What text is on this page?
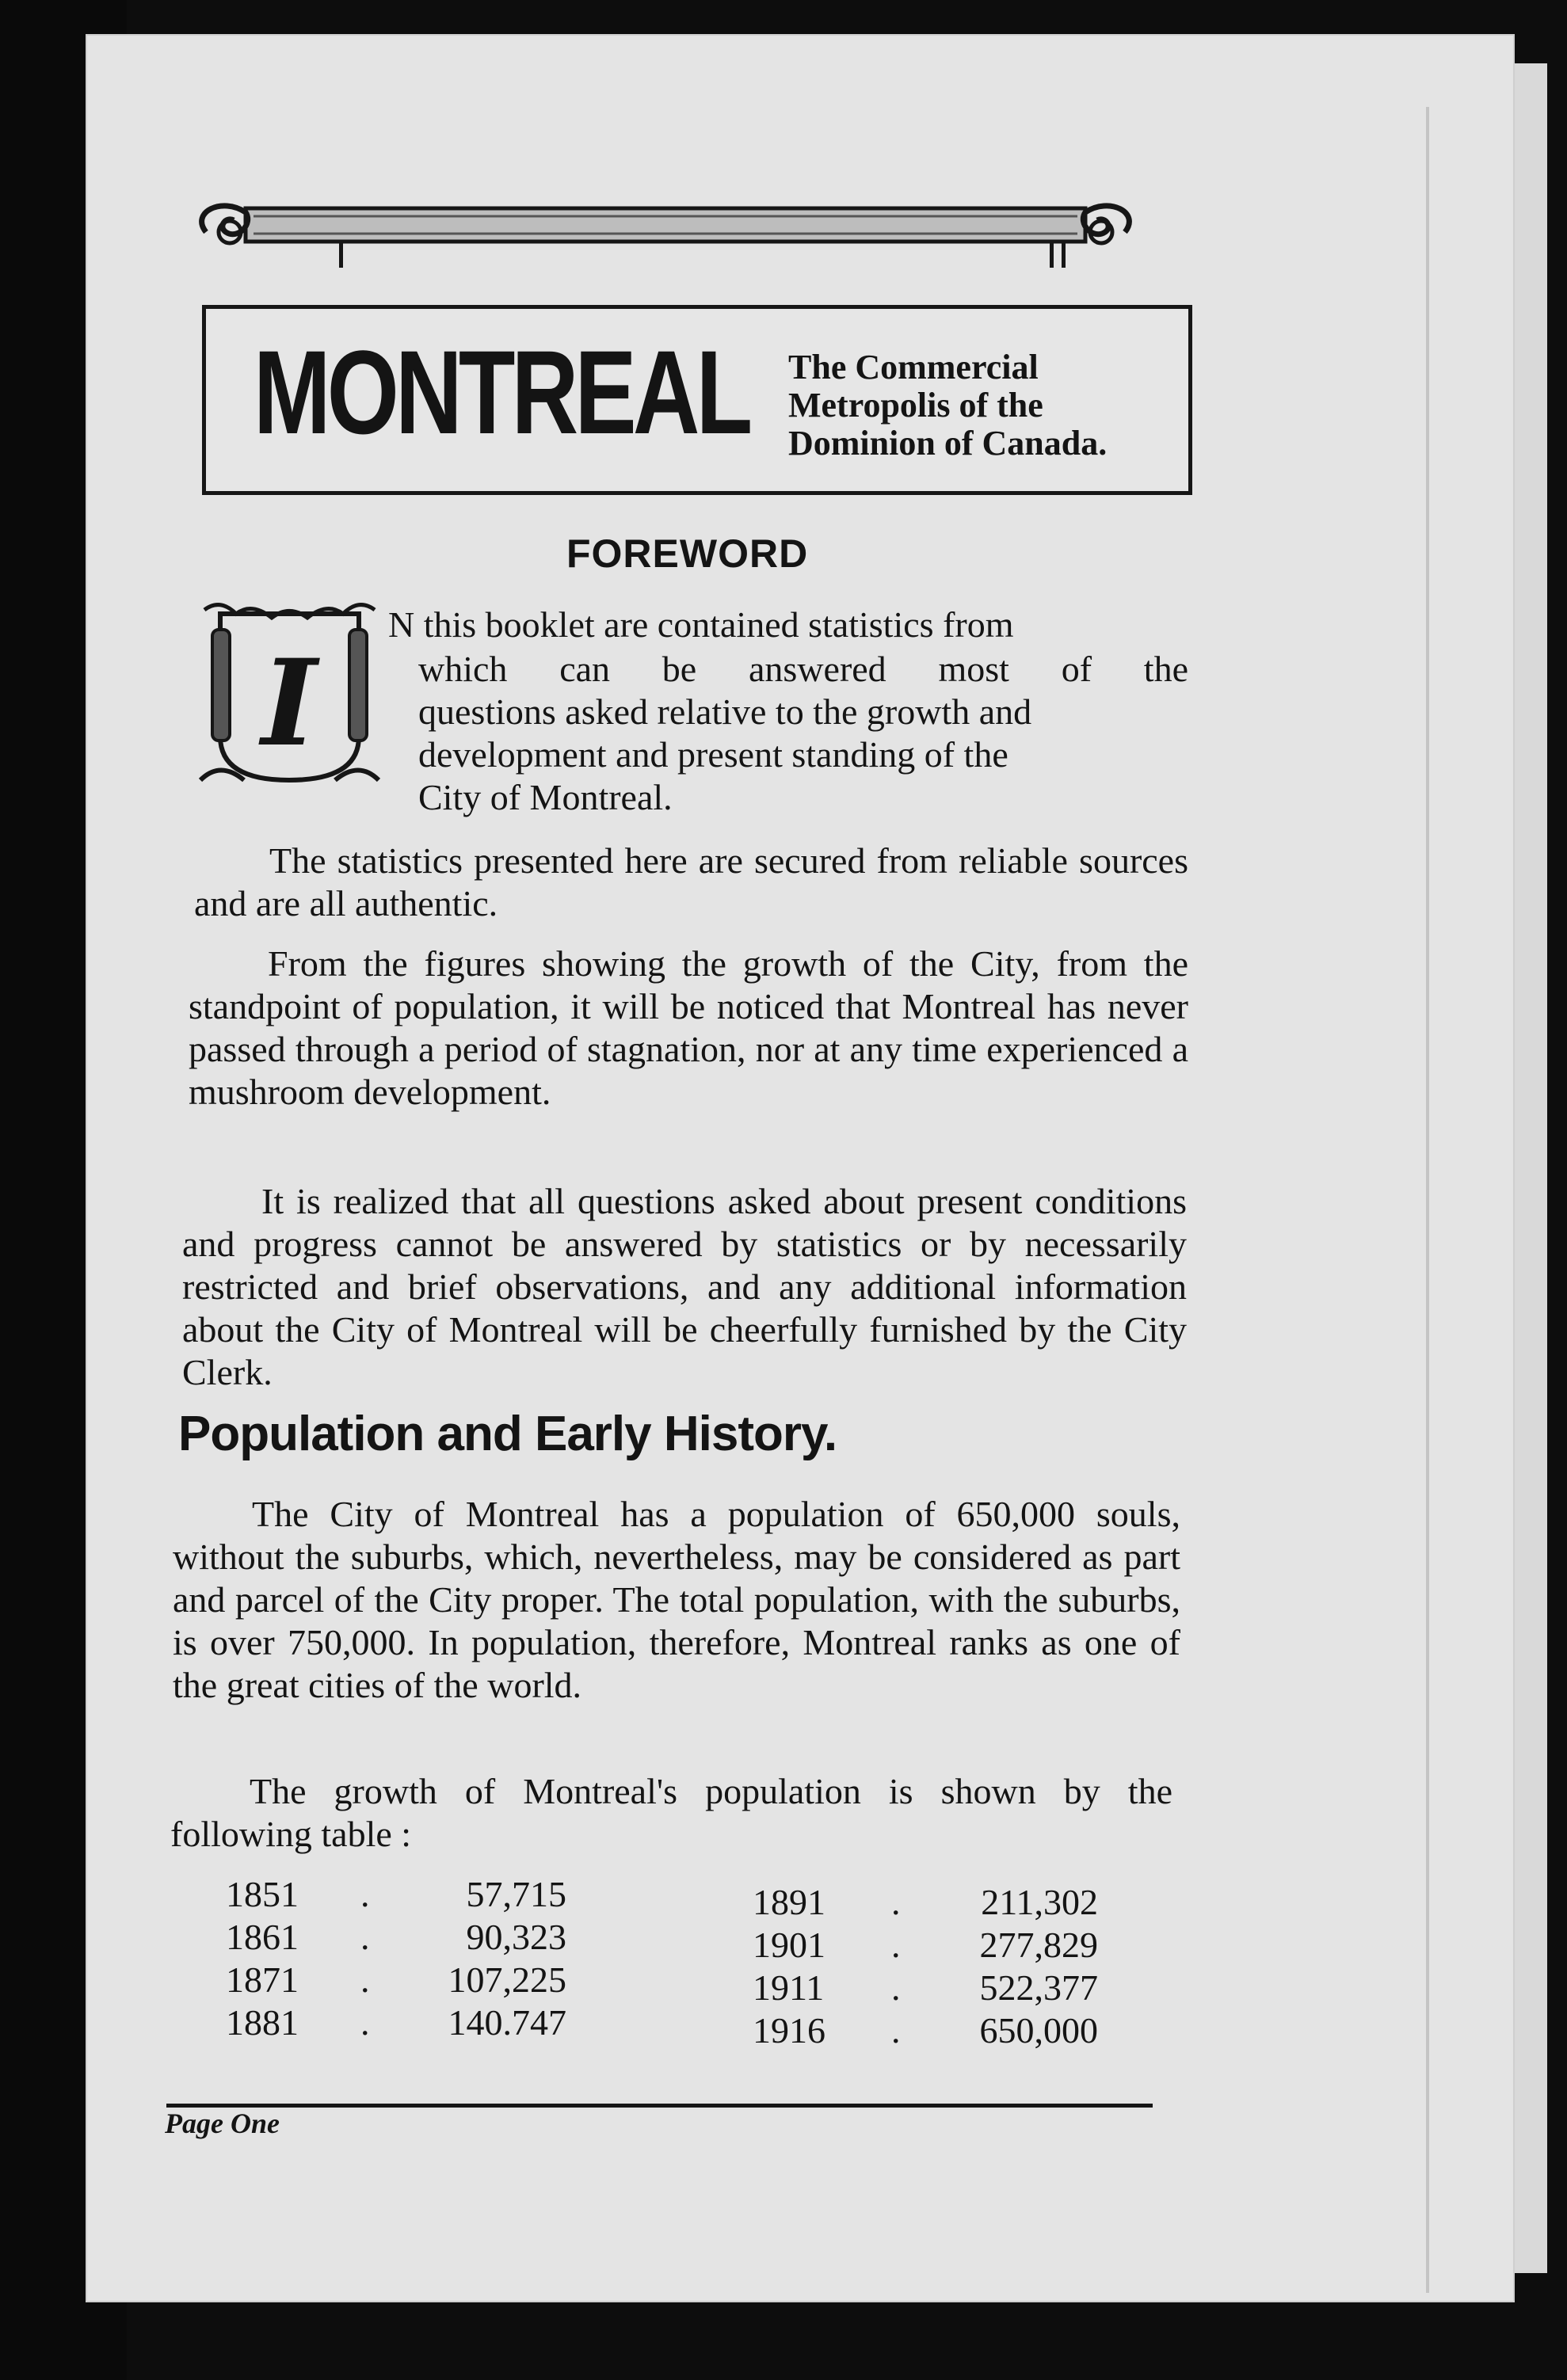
MONTREAL The Commercial
Metropolis of the
Dominion of Canada.
FOREWORD
I
N this booklet are contained statistics from
which can be answered most of the
questions asked relative to the growth and
development and present standing of the
City of Montreal.
The statistics presented here are secured from reliable sources and are all authentic.
From the figures showing the growth of the City, from the standpoint of population, it will be noticed that Montreal has never passed through a period of stagnation, nor at any time experienced a mushroom development.
It is realized that all questions asked about present conditions and progress cannot be answered by statistics or by necessarily restricted and brief observations, and any additional information about the City of Montreal will be cheerfully furnished by the City Clerk.
Population and Early History.
The City of Montreal has a population of 650,000 souls, without the suburbs, which, nevertheless, may be considered as part and parcel of the City proper. The total population, with the suburbs, is over 750,000. In population, therefore, Montreal ranks as one of the great cities of the world.
The growth of Montreal's population is shown by the following table :
1851 .	57,715
1861 .	90,323
1871 . 107,225
1881 . 140.747
1891 . 211,302
1901 . 277,829
1911 . 522,377
1916 . 650,000
Page One
